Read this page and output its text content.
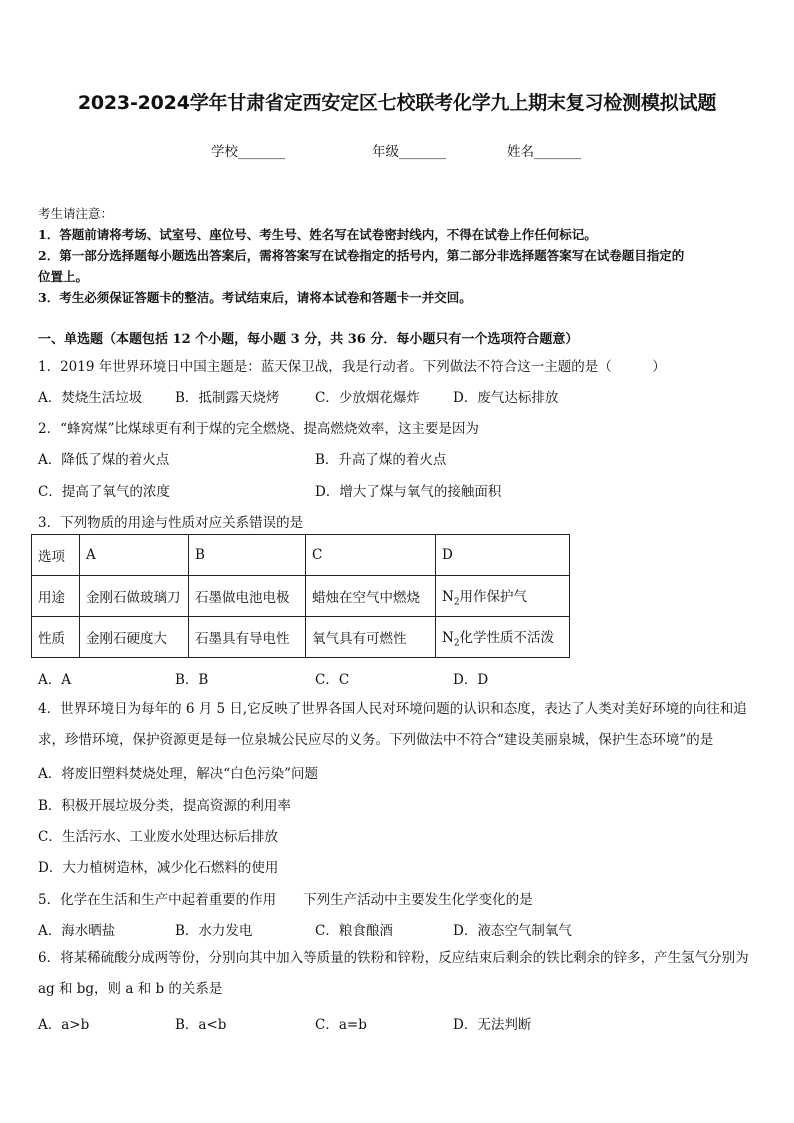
2023-2024学年甘肃省定西安定区七校联考化学九上期末复习检测模拟试题
学校_______	年级_______	姓名_______
考生请注意：
1．答题前请将考场、试室号、座位号、考生号、姓名写在试卷密封线内，不得在试卷上作任何标记。
2．第一部分选择题每小题选出答案后，需将答案写在试卷指定的括号内，第二部分非选择题答案写在试卷题目指定的
位置上。
3．考生必须保证答题卡的整洁。考试结束后，请将本试卷和答题卡一并交回。
一、单选题（本题包括 12 个小题，每小题 3 分，共 36 分．每小题只有一个选项符合题意）
1．2019 年世界环境日中国主题是：蓝天保卫战，我是行动者。下列做法不符合这一主题的是（　　　）
A．焚烧生活垃圾 B．抵制露天烧烤	C．少放烟花爆炸 D．废气达标排放
2．“蜂窝煤”比煤球更有利于煤的完全燃烧、提高燃烧效率，这主要是因为
A．降低了煤的着火点	B．升高了煤的着火点
C．提高了氧气的浓度	D．增大了煤与氧气的接触面积
3．下列物质的用途与性质对应关系错误的是
选项	A	B	C	D
用途	金刚石做玻璃刀	石墨做电池电极	蜡烛在空气中燃烧	$N_2$用作保护气
性质	金刚石硬度大	石墨具有导电性	氧气具有可燃性	$N_2$化学性质不活泼
A．A	B．B	C．C	D．D
4．世界环境日为每年的 6 月 5 日,它反映了世界各国人民对环境问题的认识和态度，表达了人类对美好环境的向往和追求，珍惜环境，保护资源更是每一位泉城公民应尽的义务。下列做法中不符合“建设美丽泉城，保护生态环境”的是
A．将废旧塑料焚烧处理，解决“白色污染”问题
B．积极开展垃圾分类，提高资源的利用率
C．生活污水、工业废水处理达标后排放
D．大力植树造林，减少化石燃料的使用
5．化学在生活和生产中起着重要的作用　　下列生产活动中主要发生化学变化的是
A．海水晒盐	B．水力发电	C．粮食酿酒	D．液态空气制氧气
6．将某稀硫酸分成两等份，分别向其中加入等质量的铁粉和锌粉，反应结束后剩余的铁比剩余的锌多，产生氢气分别为 ag 和 bg，则 a 和 b 的关系是
A．a>b	B．a<b	C．a=b	D．无法判断
